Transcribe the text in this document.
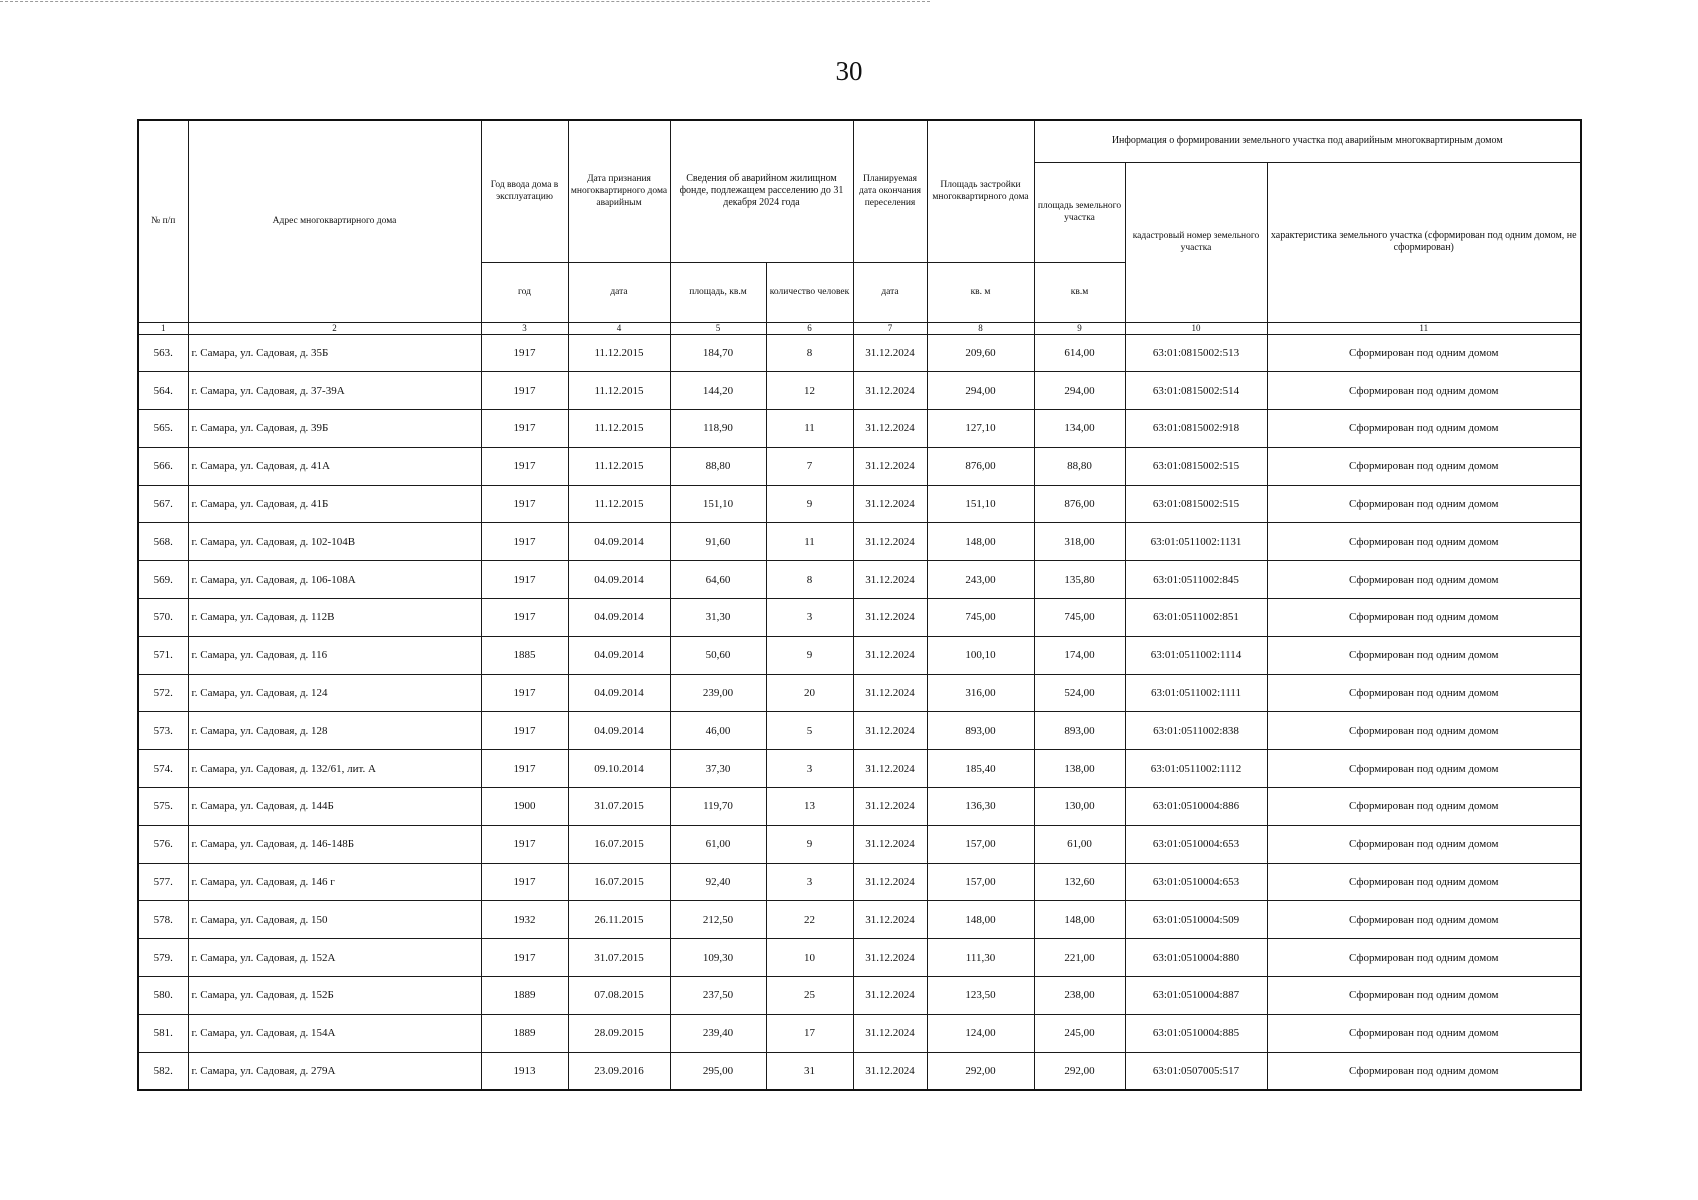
30
№ п/п	Адрес многоквартирного дома	Год ввода дома в эксплуатацию	Дата признания многоквартирного дома аварийным	Сведения об аварийном жилищном фонде, подлежащем расселению до 31 декабря 2024 года		Планируемая дата окончания переселения	Площадь застройки многоквартирного дома	Информация о формировании земельного участка под аварийным многоквартирным домом		
								площадь земельного участка	кадастровый номер земельного участка	характеристика земельного участка (сформирован под одним домом, не сформирован)
		год	дата	площадь, кв.м	количество человек	дата	кв. м	кв.м		
1	2	3	4	5	6	7	8	9	10	11
563.	г. Самара, ул. Садовая, д. 35Б	1917	11.12.2015	184,70	8	31.12.2024	209,60	614,00	63:01:0815002:513	Сформирован под одним домом
564.	г. Самара, ул. Садовая, д. 37-39А	1917	11.12.2015	144,20	12	31.12.2024	294,00	294,00	63:01:0815002:514	Сформирован под одним домом
565.	г. Самара, ул. Садовая, д. 39Б	1917	11.12.2015	118,90	11	31.12.2024	127,10	134,00	63:01:0815002:918	Сформирован под одним домом
566.	г. Самара, ул. Садовая, д. 41А	1917	11.12.2015	88,80	7	31.12.2024	876,00	88,80	63:01:0815002:515	Сформирован под одним домом
567.	г. Самара, ул. Садовая, д. 41Б	1917	11.12.2015	151,10	9	31.12.2024	151,10	876,00	63:01:0815002:515	Сформирован под одним домом
568.	г. Самара, ул. Садовая, д. 102-104В	1917	04.09.2014	91,60	11	31.12.2024	148,00	318,00	63:01:0511002:1131	Сформирован под одним домом
569.	г. Самара, ул. Садовая, д. 106-108А	1917	04.09.2014	64,60	8	31.12.2024	243,00	135,80	63:01:0511002:845	Сформирован под одним домом
570.	г. Самара, ул. Садовая, д. 112В	1917	04.09.2014	31,30	3	31.12.2024	745,00	745,00	63:01:0511002:851	Сформирован под одним домом
571.	г. Самара, ул. Садовая, д. 116	1885	04.09.2014	50,60	9	31.12.2024	100,10	174,00	63:01:0511002:1114	Сформирован под одним домом
572.	г. Самара, ул. Садовая, д. 124	1917	04.09.2014	239,00	20	31.12.2024	316,00	524,00	63:01:0511002:1111	Сформирован под одним домом
573.	г. Самара, ул. Садовая, д. 128	1917	04.09.2014	46,00	5	31.12.2024	893,00	893,00	63:01:0511002:838	Сформирован под одним домом
574.	г. Самара, ул. Садовая, д. 132/61, лит. А	1917	09.10.2014	37,30	3	31.12.2024	185,40	138,00	63:01:0511002:1112	Сформирован под одним домом
575.	г. Самара, ул. Садовая, д. 144Б	1900	31.07.2015	119,70	13	31.12.2024	136,30	130,00	63:01:0510004:886	Сформирован под одним домом
576.	г. Самара, ул. Садовая, д. 146-148Б	1917	16.07.2015	61,00	9	31.12.2024	157,00	61,00	63:01:0510004:653	Сформирован под одним домом
577.	г. Самара, ул. Садовая, д. 146 г	1917	16.07.2015	92,40	3	31.12.2024	157,00	132,60	63:01:0510004:653	Сформирован под одним домом
578.	г. Самара, ул. Садовая, д. 150	1932	26.11.2015	212,50	22	31.12.2024	148,00	148,00	63:01:0510004:509	Сформирован под одним домом
579.	г. Самара, ул. Садовая, д. 152А	1917	31.07.2015	109,30	10	31.12.2024	111,30	221,00	63:01:0510004:880	Сформирован под одним домом
580.	г. Самара, ул. Садовая, д. 152Б	1889	07.08.2015	237,50	25	31.12.2024	123,50	238,00	63:01:0510004:887	Сформирован под одним домом
581.	г. Самара, ул. Садовая, д. 154А	1889	28.09.2015	239,40	17	31.12.2024	124,00	245,00	63:01:0510004:885	Сформирован под одним домом
582.	г. Самара, ул. Садовая, д. 279А	1913	23.09.2016	295,00	31	31.12.2024	292,00	292,00	63:01:0507005:517	Сформирован под одним домом
